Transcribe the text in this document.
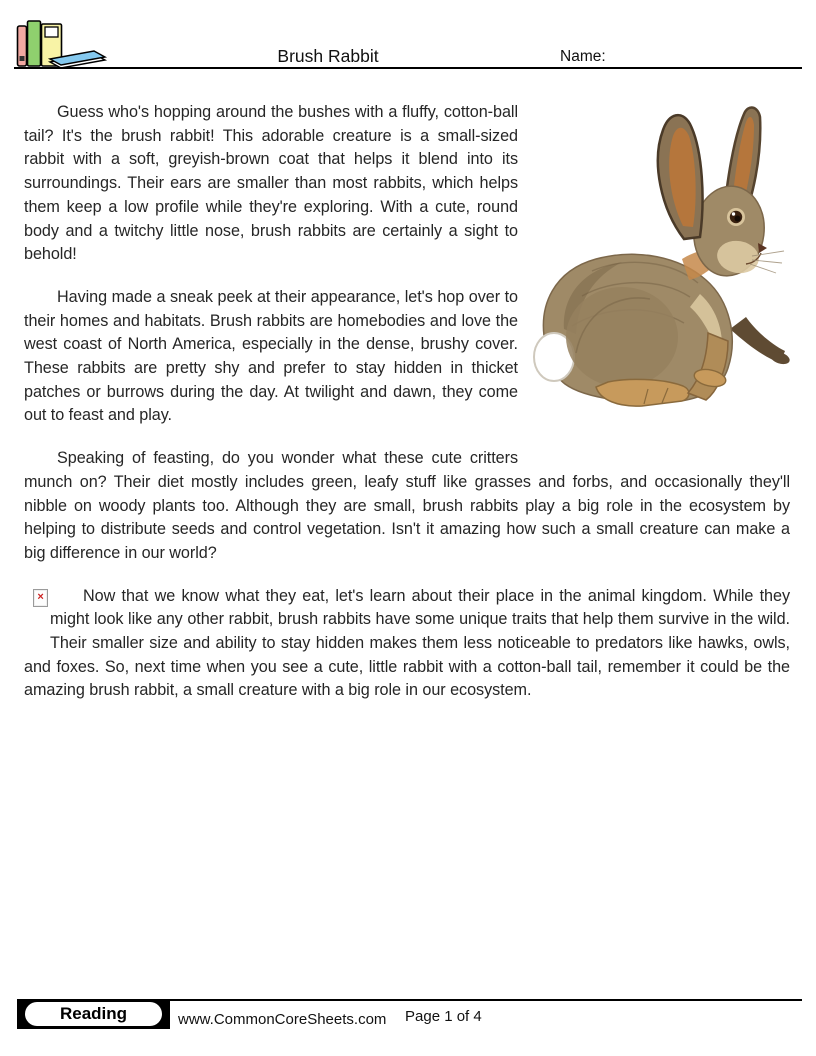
Brush Rabbit	Name:

Guess who's hopping around the bushes with a fluffy, cotton-ball tail? It's the brush rabbit! This adorable creature is a small-sized rabbit with a soft, greyish-brown coat that helps it blend into its surroundings. Their ears are smaller than most rabbits, which helps them keep a low profile while they're exploring. With a cute, round body and a twitchy little nose, brush rabbits are certainly a sight to behold!

Having made a sneak peek at their appearance, let's hop over to their homes and habitats. Brush rabbits are homebodies and love the west coast of North America, especially in the dense, brushy cover. These rabbits are pretty shy and prefer to stay hidden in thicket patches or burrows during the day. At twilight and dawn, they come out to feast and play.

Speaking of feasting, do you wonder what these cute critters munch on? Their diet mostly includes green, leafy stuff like grasses and forbs, and occasionally they'll nibble on woody plants too. Although they are small, brush rabbits play a big role in the ecosystem by helping to distribute seeds and control vegetation. Isn't it amazing how such a small creature can make a big difference in our world?

× Now that we know what they eat, let's learn about their place in the animal kingdom. While they might look like any other rabbit, brush rabbits have some unique traits that help them survive in the wild. Their smaller size and ability to stay hidden makes them less noticeable to predators like hawks, owls, and foxes. So, next time when you see a cute, little rabbit with a cotton-ball tail, remember it could be the amazing brush rabbit, a small creature with a big role in our ecosystem.

Reading	www.CommonCoreSheets.com Page 1 of 4
